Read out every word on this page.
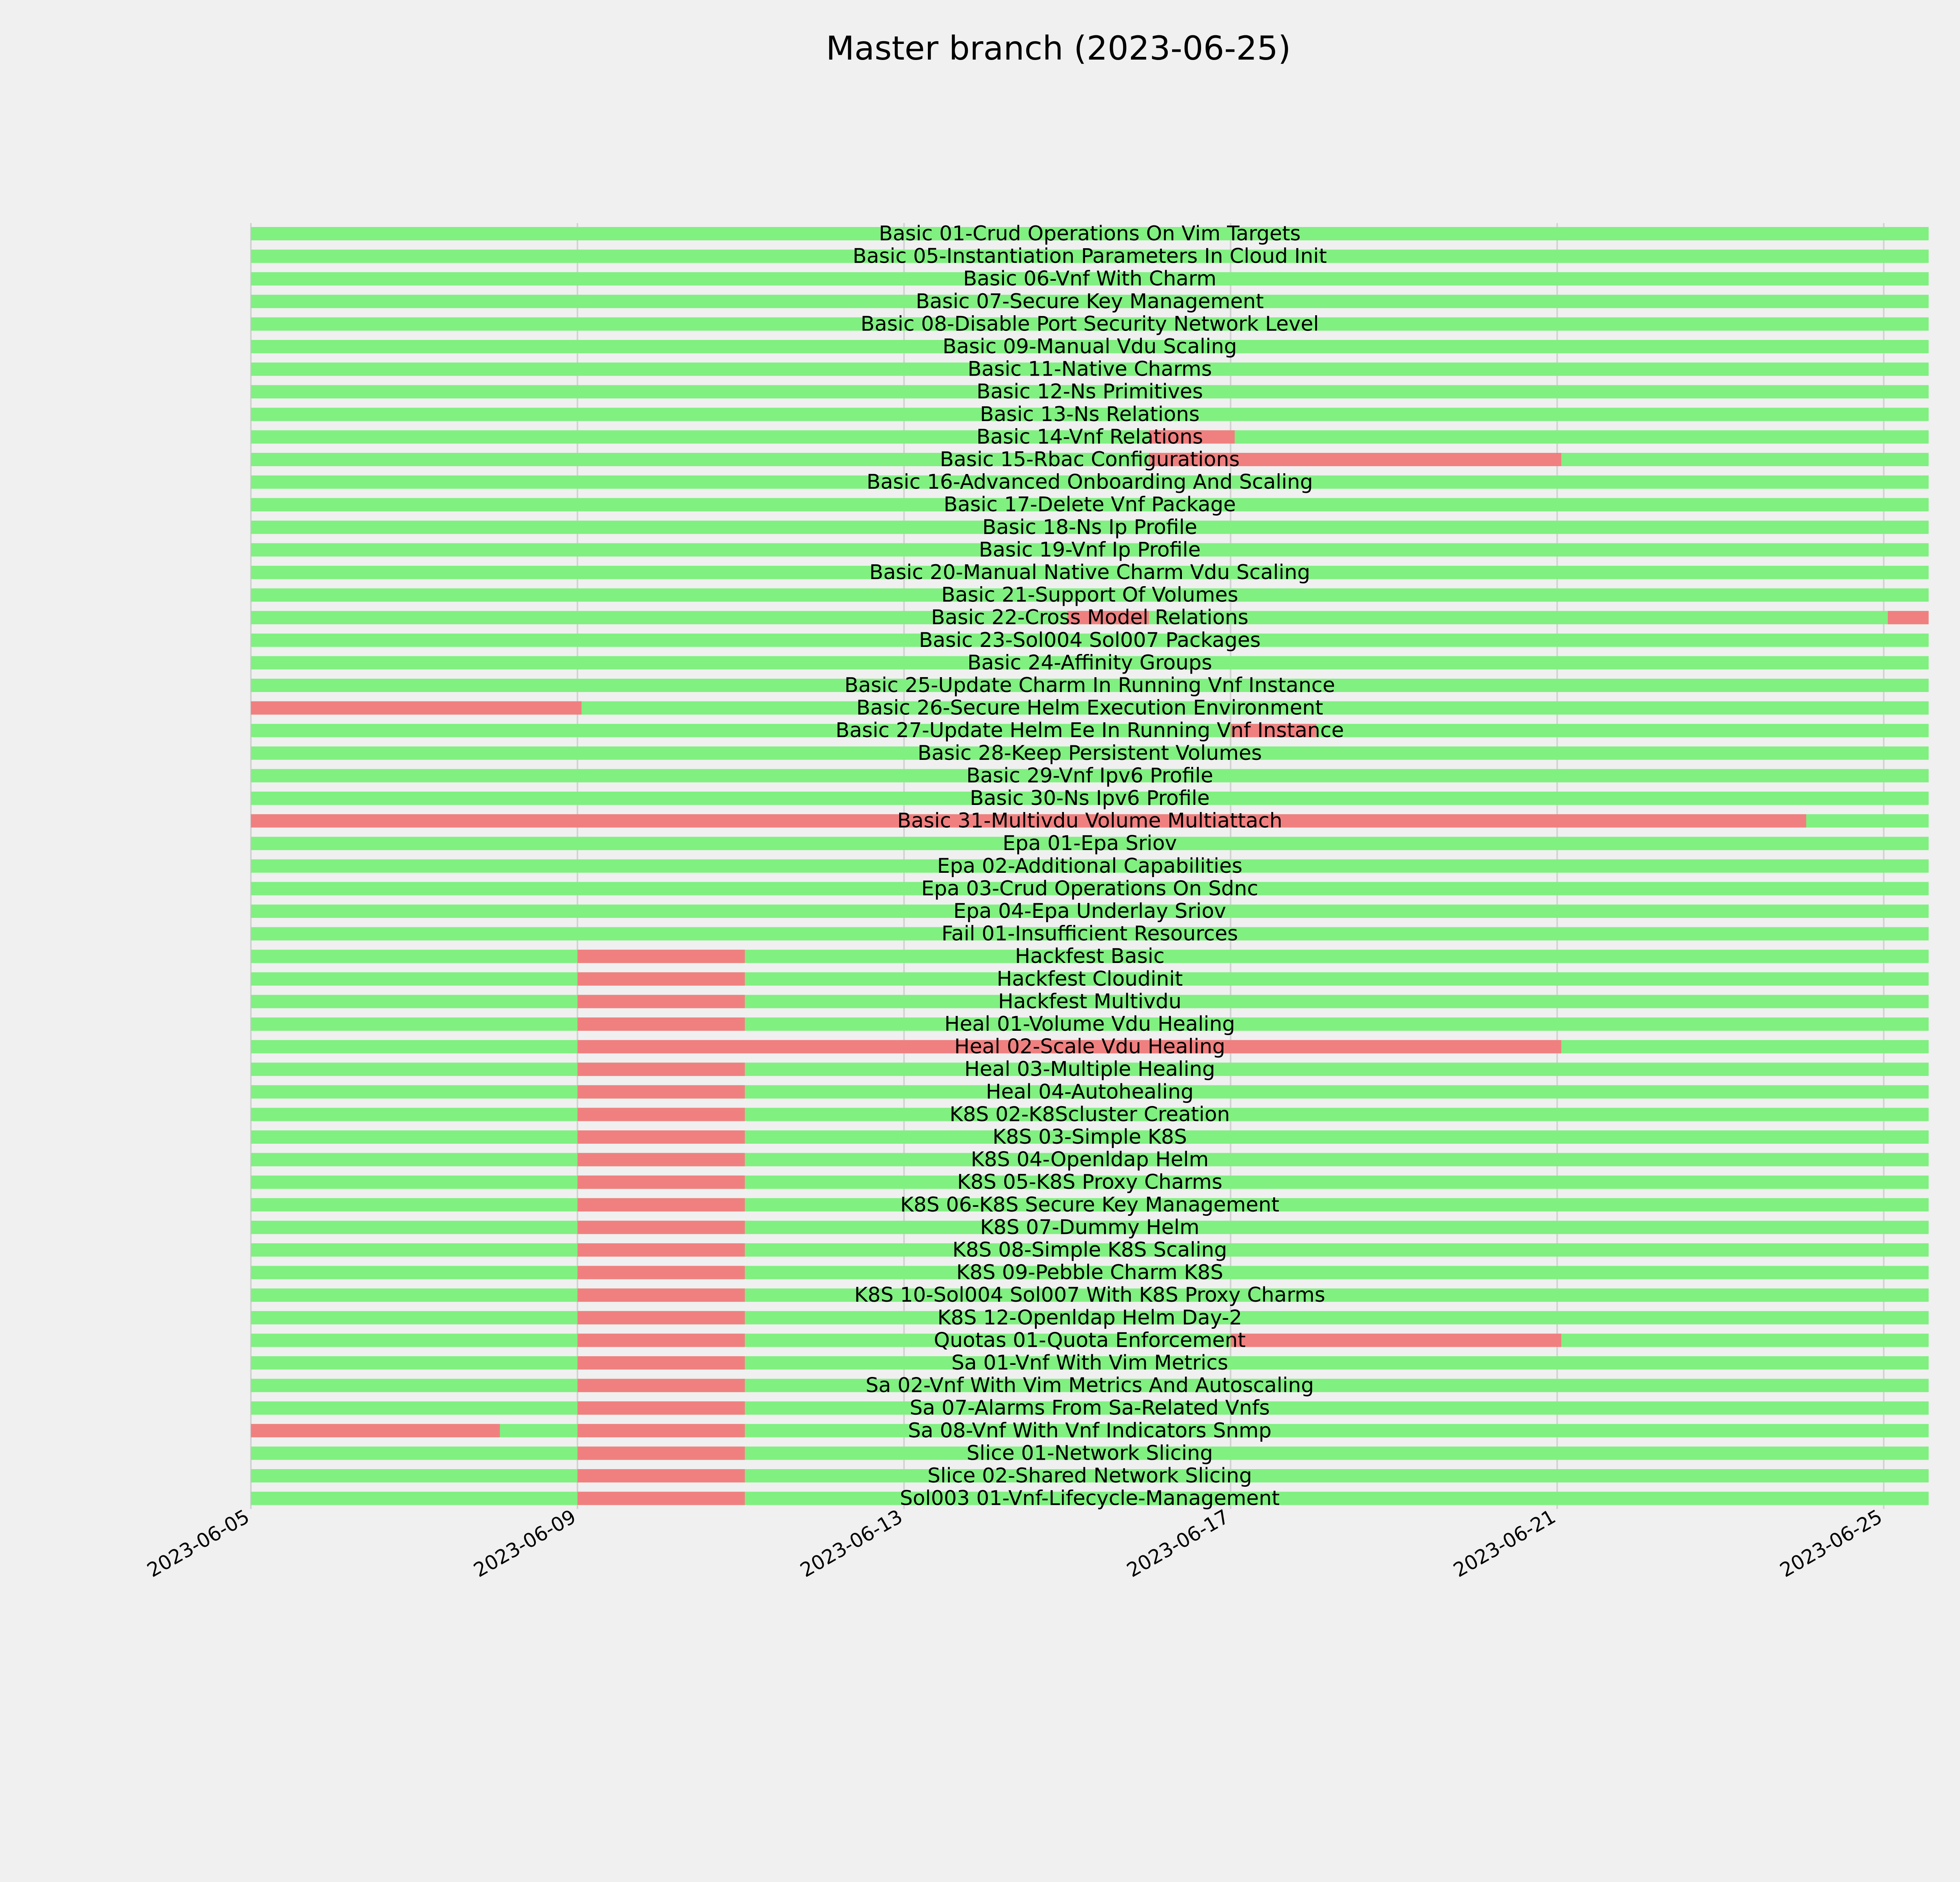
Master branch (2023-06-25)
Basic 01-Crud Operations On Vim Targets
Basic 05-Instantiation Parameters In Cloud Init
Basic 06-Vnf With Charm
Basic 07-Secure Key Management
Basic 08-Disable Port Security Network Level
Basic 09-Manual Vdu Scaling
Basic 11-Native Charms
Basic 12-Ns Primitives
Basic 13-Ns Relations
Basic 14-Vnf Relations
Basic 15-Rbac Configurations
Basic 16-Advanced Onboarding And Scaling
Basic 17-Delete Vnf Package
Basic 18-Ns Ip Profile
Basic 19-Vnf Ip Profile
Basic 20-Manual Native Charm Vdu Scaling
Basic 21-Support Of Volumes
Basic 22-Cross Model Relations
Basic 23-Sol004 Sol007 Packages
Basic 24-Affinity Groups
Basic 25-Update Charm In Running Vnf Instance
Basic 26-Secure Helm Execution Environment
Basic 27-Update Helm Ee In Running Vnf Instance
Basic 28-Keep Persistent Volumes
Basic 29-Vnf Ipv6 Profile
Basic 30-Ns Ipv6 Profile
Basic 31-Multivdu Volume Multiattach
Epa 01-Epa Sriov
Epa 02-Additional Capabilities
Epa 03-Crud Operations On Sdnc
Epa 04-Epa Underlay Sriov
Fail 01-Insufficient Resources
Hackfest Basic
Hackfest Cloudinit
Hackfest Multivdu
Heal 01-Volume Vdu Healing
Heal 02-Scale Vdu Healing
Heal 03-Multiple Healing
Heal 04-Autohealing
K8S 02-K8Scluster Creation
K8S 03-Simple K8S
K8S 04-Openldap Helm
K8S 05-K8S Proxy Charms
K8S 06-K8S Secure Key Management
K8S 07-Dummy Helm
K8S 08-Simple K8S Scaling
K8S 09-Pebble Charm K8S
K8S 10-Sol004 Sol007 With K8S Proxy Charms
K8S 12-Openldap Helm Day-2
Quotas 01-Quota Enforcement
Sa 01-Vnf With Vim Metrics
Sa 02-Vnf With Vim Metrics And Autoscaling
Sa 07-Alarms From Sa-Related Vnfs
Sa 08-Vnf With Vnf Indicators Snmp
Slice 01-Network Slicing
Slice 02-Shared Network Slicing
Sol003 01-Vnf-Lifecycle-Management
2023-06-05	2023-06-09	2023-06-13	2023-06-17	2023-06-21	2023-06-25
